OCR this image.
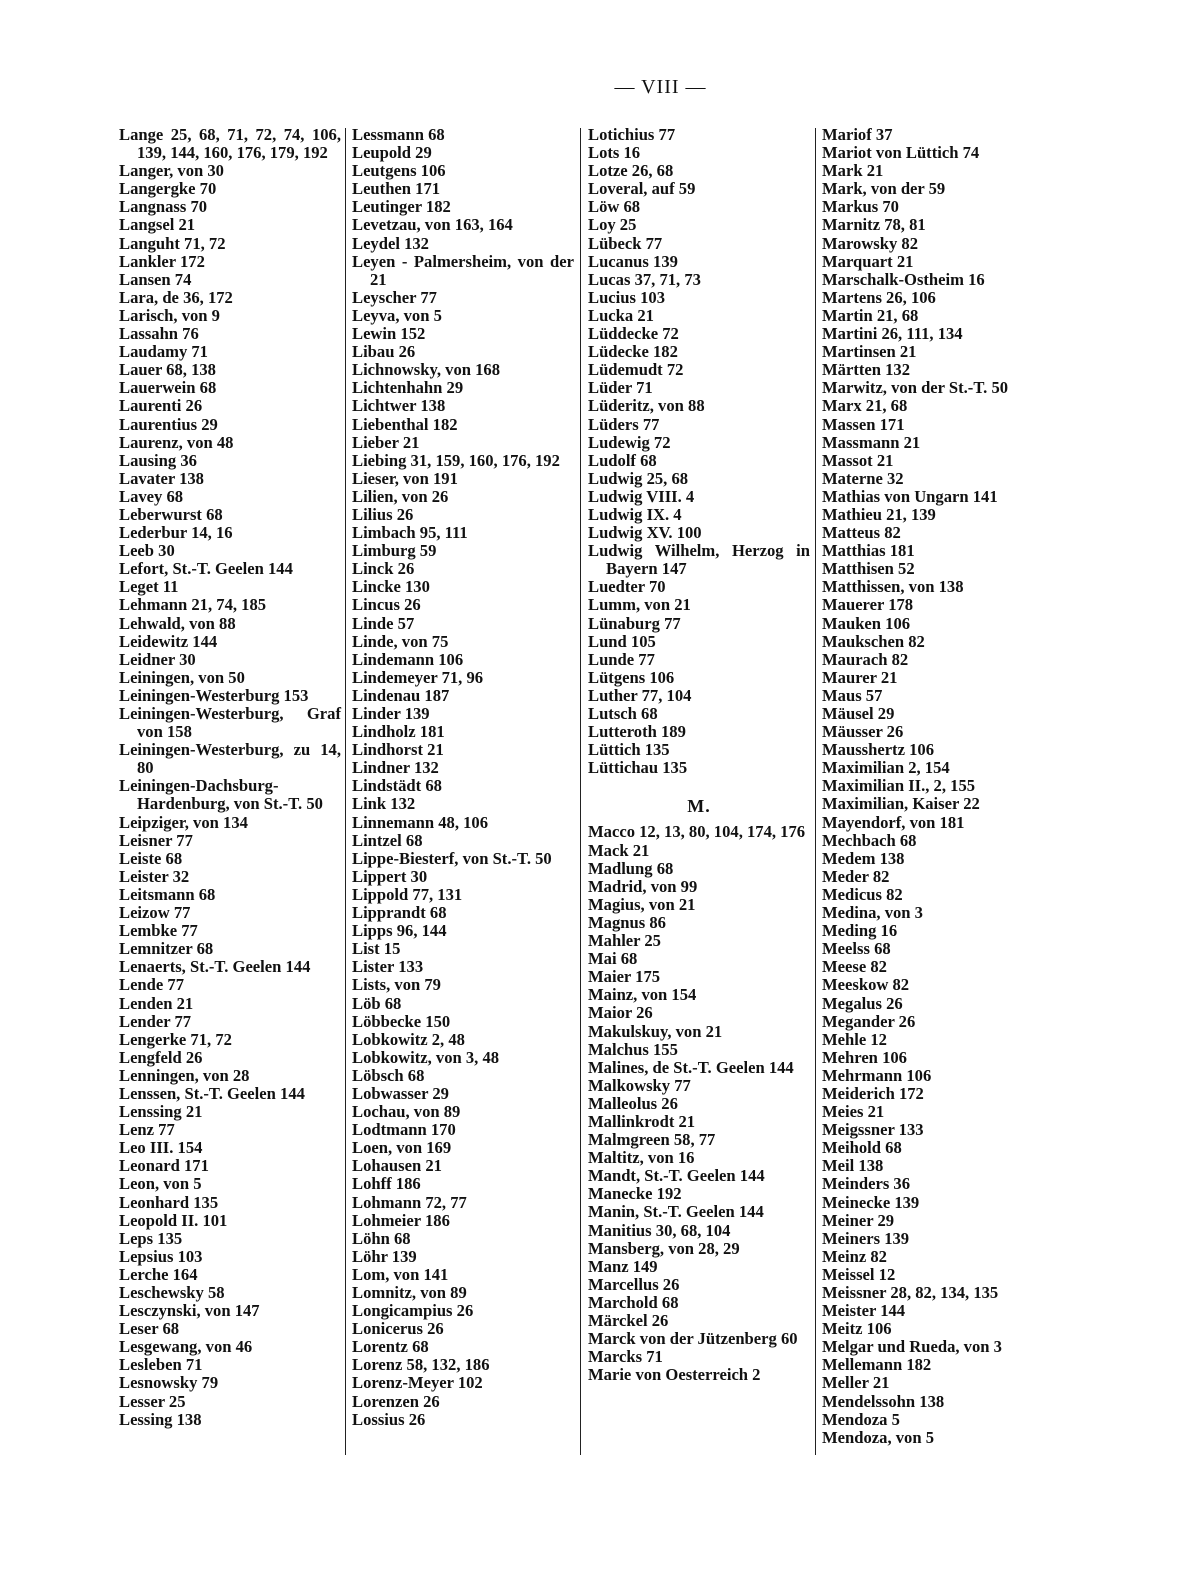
— VIII —
Lange 25, 68, 71, 72, 74, 106, 139, 144, 160, 176, 179, 192
Langer, von 30
Langergke 70
Langnass 70
Langsel 21
Languht 71, 72
Lankler 172
Lansen 74
Lara, de 36, 172
Larisch, von 9
Lassahn 76
Laudamy 71
Lauer 68, 138
Lauerwein 68
Laurenti 26
Laurentius 29
Laurenz, von 48
Lausing 36
Lavater 138
Lavey 68
Leberwurst 68
Lederbur 14, 16
Leeb 30
Lefort, St.-T. Geelen 144
Leget 11
Lehmann 21, 74, 185
Lehwald, von 88
Leidewitz 144
Leidner 30
Leiningen, von 50
Leiningen-Westerburg 153
Leiningen-Westerburg, Graf von 158
Leiningen-Westerburg, zu 14, 80
Leiningen-Dachsburg-Hardenburg, von St.-T. 50
Leipziger, von 134
Leisner 77
Leiste 68
Leister 32
Leitsmann 68
Leizow 77
Lembke 77
Lemnitzer 68
Lenaerts, St.-T. Geelen 144
Lende 77
Lenden 21
Lender 77
Lengerke 71, 72
Lengfeld 26
Lenningen, von 28
Lenssen, St.-T. Geelen 144
Lenssing 21
Lenz 77
Leo III. 154
Leonard 171
Leon, von 5
Leonhard 135
Leopold II. 101
Leps 135
Lepsius 103
Lerche 164
Leschewsky 58
Lesczynski, von 147
Leser 68
Lesgewang, von 46
Lesleben 71
Lesnowsky 79
Lesser 25
Lessing 138
Lessmann 68
Leupold 29
Leutgens 106
Leuthen 171
Leutinger 182
Levetzau, von 163, 164
Leydel 132
Leyen - Palmersheim, von der 21
Leyscher 77
Leyva, von 5
Lewin 152
Libau 26
Lichnowsky, von 168
Lichtenhahn 29
Lichtwer 138
Liebenthal 182
Lieber 21
Liebing 31, 159, 160, 176, 192
Lieser, von 191
Lilien, von 26
Lilius 26
Limbach 95, 111
Limburg 59
Linck 26
Lincke 130
Lincus 26
Linde 57
Linde, von 75
Lindemann 106
Lindemeyer 71, 96
Lindenau 187
Linder 139
Lindholz 181
Lindhorst 21
Lindner 132
Lindstädt 68
Link 132
Linnemann 48, 106
Lintzel 68
Lippe-Biesterf, von St.-T. 50
Lippert 30
Lippold 77, 131
Lipprandt 68
Lipps 96, 144
List 15
Lister 133
Lists, von 79
Löb 68
Löbbecke 150
Lobkowitz 2, 48
Lobkowitz, von 3, 48
Löbsch 68
Lobwasser 29
Lochau, von 89
Lodtmann 170
Loen, von 169
Lohausen 21
Lohff 186
Lohmann 72, 77
Lohmeier 186
Löhn 68
Löhr 139
Lom, von 141
Lomnitz, von 89
Longicampius 26
Lonicerus 26
Lorentz 68
Lorenz 58, 132, 186
Lorenz-Meyer 102
Lorenzen 26
Lossius 26
Lotichius 77
Lots 16
Lotze 26, 68
Loveral, auf 59
Löw 68
Loy 25
Lübeck 77
Lucanus 139
Lucas 37, 71, 73
Lucius 103
Lucka 21
Lüddecke 72
Lüdecke 182
Lüdemudt 72
Lüder 71
Lüderitz, von 88
Lüders 77
Ludewig 72
Ludolf 68
Ludwig 25, 68
Ludwig VIII. 4
Ludwig IX. 4
Ludwig XV. 100
Ludwig Wilhelm, Herzog in Bayern 147
Luedter 70
Lumm, von 21
Lünaburg 77
Lund 105
Lunde 77
Lütgens 106
Luther 77, 104
Lutsch 68
Lutteroth 189
Lüttich 135
Lüttichau 135
M.
Macco 12, 13, 80, 104, 174, 176
Mack 21
Madlung 68
Madrid, von 99
Magius, von 21
Magnus 86
Mahler 25
Mai 68
Maier 175
Mainz, von 154
Maior 26
Makulskuy, von 21
Malchus 155
Malines, de St.-T. Geelen 144
Malkowsky 77
Malleolus 26
Mallinkrodt 21
Malmgreen 58, 77
Maltitz, von 16
Mandt, St.-T. Geelen 144
Manecke 192
Manin, St.-T. Geelen 144
Manitius 30, 68, 104
Mansberg, von 28, 29
Manz 149
Marcellus 26
Marchold 68
Märckel 26
Marck von der Jützenberg 60
Marcks 71
Marie von Oesterreich 2
Mariof 37
Mariot von Lüttich 74
Mark 21
Mark, von der 59
Markus 70
Marnitz 78, 81
Marowsky 82
Marquart 21
Marschalk-Ostheim 16
Martens 26, 106
Martin 21, 68
Martini 26, 111, 134
Martinsen 21
Märtten 132
Marwitz, von der St.-T. 50
Marx 21, 68
Massen 171
Massmann 21
Massot 21
Materne 32
Mathias von Ungarn 141
Mathieu 21, 139
Matteus 82
Matthias 181
Matthisen 52
Matthissen, von 138
Mauerer 178
Mauken 106
Maukschen 82
Maurach 82
Maurer 21
Maus 57
Mäusel 29
Mäusser 26
Mausshertz 106
Maximilian 2, 154
Maximilian II., 2, 155
Maximilian, Kaiser 22
Mayendorf, von 181
Mechbach 68
Medem 138
Meder 82
Medicus 82
Medina, von 3
Meding 16
Meelss 68
Meese 82
Meeskow 82
Megalus 26
Megander 26
Mehle 12
Mehren 106
Mehrmann 106
Meiderich 172
Meies 21
Meigssner 133
Meihold 68
Meil 138
Meinders 36
Meinecke 139
Meiner 29
Meiners 139
Meinz 82
Meissel 12
Meissner 28, 82, 134, 135
Meister 144
Meitz 106
Melgar und Rueda, von 3
Mellemann 182
Meller 21
Mendelssohn 138
Mendoza 5
Mendoza, von 5
